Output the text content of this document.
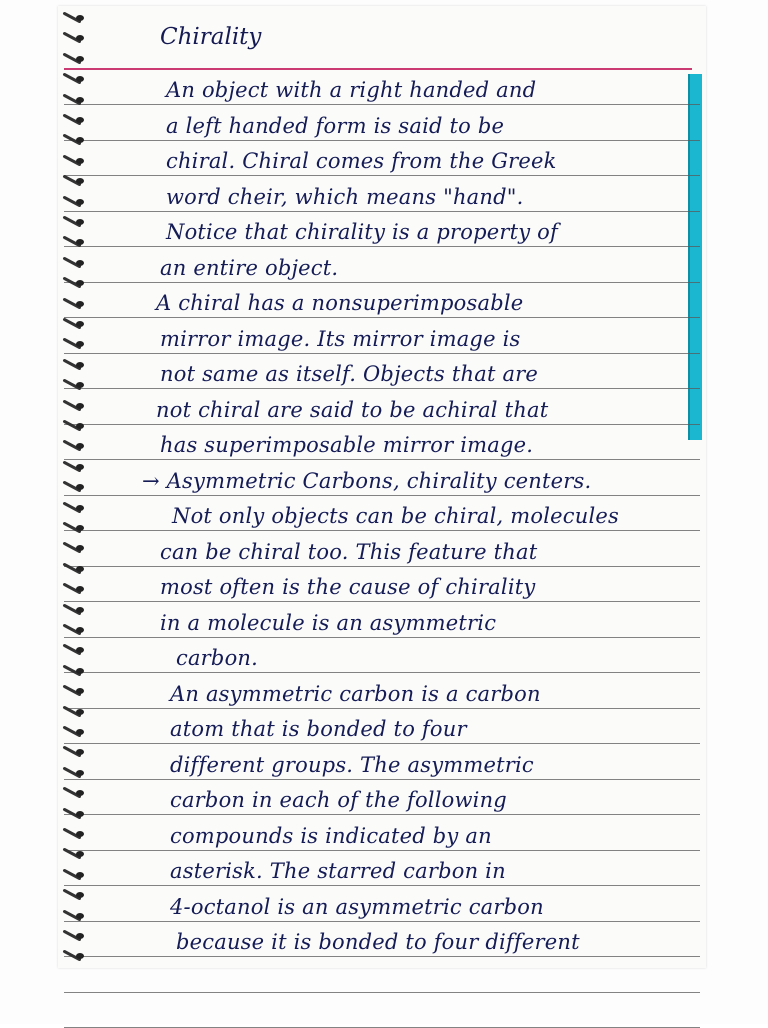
Chirality
An object with a right handed and
a left handed form is said to be
chiral. Chiral comes from the Greek
word cheir, which means "hand".
Notice that chirality is a property of
an entire object.
A chiral has a nonsuperimposable
mirror image. Its mirror image is
not same as itself. Objects that are
not chiral are said to be achiral that
has superimposable mirror image.
→ Asymmetric Carbons, chirality centers.
Not only objects can be chiral, molecules
can be chiral too. This feature that
most often is the cause of chirality
in a molecule is an asymmetric
carbon.
An asymmetric carbon is a carbon
atom that is bonded to four
different groups. The asymmetric
carbon in each of the following
compounds is indicated by an
asterisk. The starred carbon in
4-octanol is an asymmetric carbon
because it is bonded to four different
